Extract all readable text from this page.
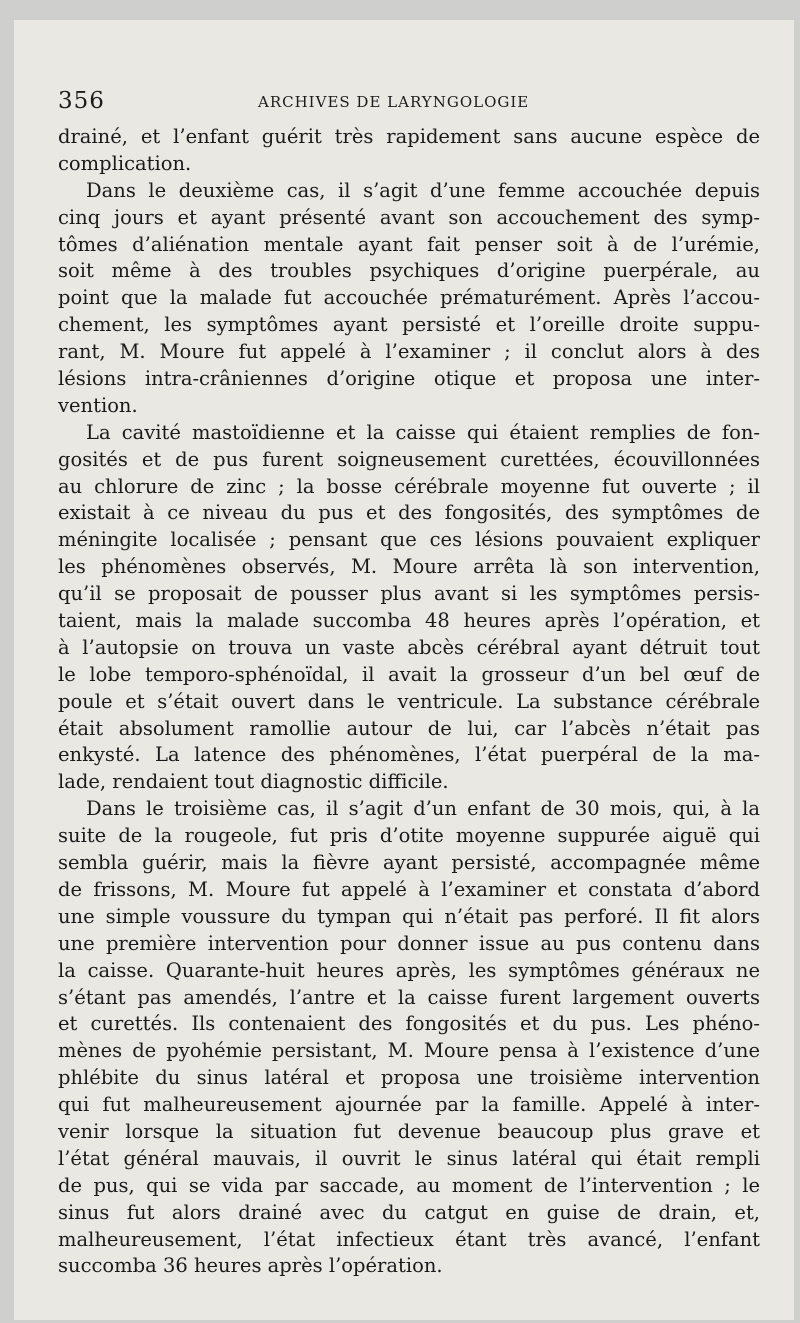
356	ARCHIVES DE LARYNGOLOGIE
drainé, et l’enfant guérit très rapidement sans aucune espèce de
complication.
Dans le deuxième cas, il s’agit d’une femme accouchée depuis
cinq jours et ayant présenté avant son accouchement des symp-
tômes d’aliénation mentale ayant fait penser soit à de l’urémie,
soit même à des troubles psychiques d’origine puerpérale, au
point que la malade fut accouchée prématurément. Après l’accou-
chement, les symptômes ayant persisté et l’oreille droite suppu-
rant, M. Moure fut appelé à l’examiner ; il conclut alors à des
lésions intra-crâniennes d’origine otique et proposa une inter-
vention.
La cavité mastoïdienne et la caisse qui étaient remplies de fon-
gosités et de pus furent soigneusement curettées, écouvillonnées
au chlorure de zinc ; la bosse cérébrale moyenne fut ouverte ; il
existait à ce niveau du pus et des fongosités, des symptômes de
méningite localisée ; pensant que ces lésions pouvaient expliquer
les phénomènes observés, M. Moure arrêta là son intervention,
qu’il se proposait de pousser plus avant si les symptômes persis-
taient, mais la malade succomba 48 heures après l’opération, et
à l’autopsie on trouva un vaste abcès cérébral ayant détruit tout
le lobe temporo-sphénoïdal, il avait la grosseur d’un bel œuf de
poule et s’était ouvert dans le ventricule. La substance cérébrale
était absolument ramollie autour de lui, car l’abcès n’était pas
enkysté. La latence des phénomènes, l’état puerpéral de la ma-
lade, rendaient tout diagnostic difficile.
Dans le troisième cas, il s’agit d’un enfant de 30 mois, qui, à la
suite de la rougeole, fut pris d’otite moyenne suppurée aiguë qui
sembla guérir, mais la fièvre ayant persisté, accompagnée même
de frissons, M. Moure fut appelé à l’examiner et constata d’abord
une simple voussure du tympan qui n’était pas perforé. Il fit alors
une première intervention pour donner issue au pus contenu dans
la caisse. Quarante-huit heures après, les symptômes généraux ne
s’étant pas amendés, l’antre et la caisse furent largement ouverts
et curettés. Ils contenaient des fongosités et du pus. Les phéno-
mènes de pyohémie persistant, M. Moure pensa à l’existence d’une
phlébite du sinus latéral et proposa une troisième intervention
qui fut malheureusement ajournée par la famille. Appelé à inter-
venir lorsque la situation fut devenue beaucoup plus grave et
l’état général mauvais, il ouvrit le sinus latéral qui était rempli
de pus, qui se vida par saccade, au moment de l’intervention ; le
sinus fut alors drainé avec du catgut en guise de drain, et,
malheureusement, l’état infectieux étant très avancé, l’enfant
succomba 36 heures après l’opération.
